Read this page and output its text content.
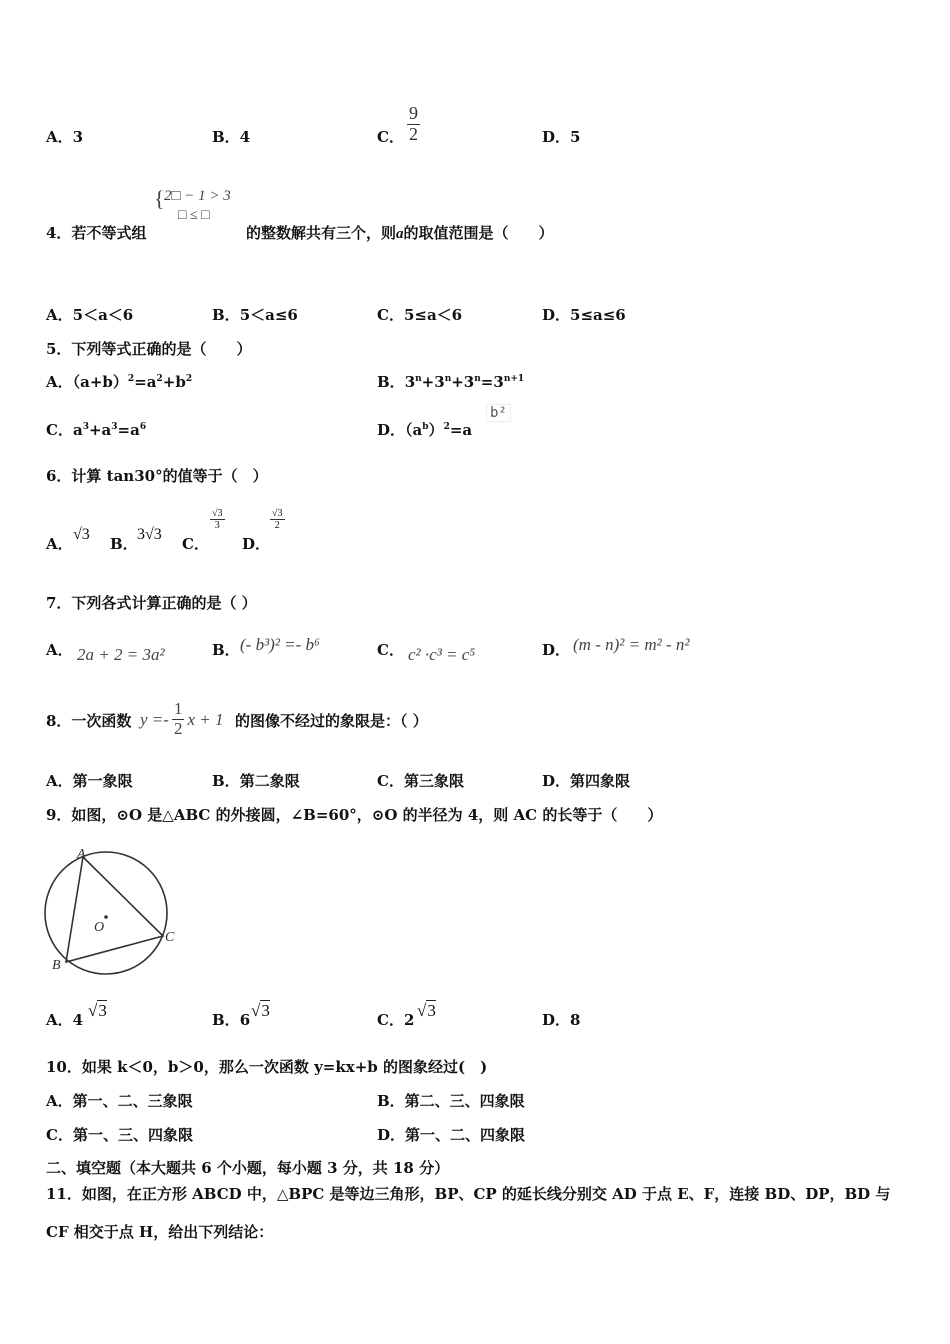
A．3	B．4	C． $\frac{9}{2}$	D．5
{ 2□ − 1 > 3
□ ≤ □
4．若不等式组	的整数解共有三个，则a的取值范围是（　　）
A．5＜a＜6	B．5＜a≤6	C．5≤a＜6	D．5≤a≤6
5．下列等式正确的是（　　）
A．$(a+b)^2=a^2+b^2$	B．$3^n+3^n+3^n=3^{n+1}$
C．$a^3+a^3=a^6$	D．$(a^b)^2=a$
b²
6．计算 tan30°的值等于（　）
A．
√3
B．
3√3
C．
$\frac{√3}{3}$
D．
$\frac{√3}{2}$
7．下列各式计算正确的是（ ）
A． 2a + 2 = 3a²	B． (- b³)² =- b⁶	C． c² ·c³ = c⁵	D． (m - n)² = m² - n²
8．一次函数 $y =- \frac{1}{2}$ x + 1 的图像不经过的象限是：（ ）
A．第一象限	B．第二象限	C．第三象限	D．第四象限
9．如图，⊙O 是△ABC 的外接圆，∠B=60°，⊙O 的半径为 4，则 AC 的长等于（　　）
A
B
C
O
A．4 √3	B．6 √3	C．2 √3	D．8
10．如果 k＜0，b＞0，那么一次函数 y=kx+b 的图象经过(　)
A．第一、二、三象限	B．第二、三、四象限
C．第一、三、四象限	D．第一、二、四象限
二、填空题（本大题共 6 个小题，每小题 3 分，共 18 分）
11．如图，在正方形 ABCD 中，△BPC 是等边三角形，BP、CP 的延长线分别交 AD 于点 E、F，连接 BD、DP，BD 与
CF 相交于点 H，给出下列结论：
